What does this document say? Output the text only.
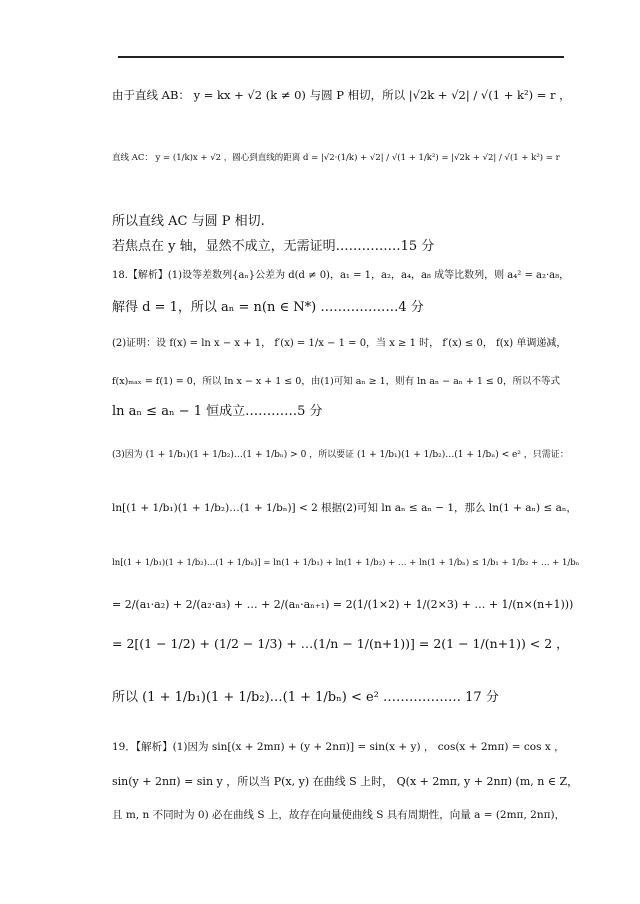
由于直线 AB： y = kx + √2 (k ≠ 0) 与圆 P 相切，所以 |√2k + √2| / √(1 + k²) = r ，
直线 AC： y = (1/k)x + √2 ，圆心到直线的距离 d = |√2·(1/k) + √2| / √(1 + 1/k²) = |√2k + √2| / √(1 + k²) = r
所以直线 AC 与圆 P 相切.
若焦点在 y 轴，显然不成立，无需证明……………15 分
18.【解析】(1)设等差数列{aₙ}公差为 d(d ≠ 0)，a₁ = 1，a₂，a₄，a₈ 成等比数列，则 a₄² = a₂·a₈，
解得 d = 1，所以 aₙ = n(n ∈ N*) ………………4 分
(2)证明：设 f(x) = ln x − x + 1， f′(x) = 1/x − 1 = 0，当 x ≥ 1 时， f′(x) ≤ 0， f(x) 单调递减，
f(x)ₘₐₓ = f(1) = 0，所以 ln x − x + 1 ≤ 0，由(1)可知 aₙ ≥ 1，则有 ln aₙ − aₙ + 1 ≤ 0，所以不等式
ln aₙ ≤ aₙ − 1 恒成立…………5 分
(3)因为 (1 + 1/b₁)(1 + 1/b₂)…(1 + 1/bₙ) > 0 ，所以要证 (1 + 1/b₁)(1 + 1/b₂)…(1 + 1/bₙ) < e² ，只需证：
ln[(1 + 1/b₁)(1 + 1/b₂)…(1 + 1/bₙ)] < 2 根据(2)可知 ln aₙ ≤ aₙ − 1，那么 ln(1 + aₙ) ≤ aₙ，
ln[(1 + 1/b₁)(1 + 1/b₂)…(1 + 1/bₙ)] = ln(1 + 1/b₁) + ln(1 + 1/b₂) + … + ln(1 + 1/bₙ) ≤ 1/b₁ + 1/b₂ + … + 1/bₙ
= 2/(a₁·a₂) + 2/(a₂·a₃) + … + 2/(aₙ·aₙ₊₁) = 2(1/(1×2) + 1/(2×3) + … + 1/(n×(n+1)))
= 2[(1 − 1/2) + (1/2 − 1/3) + …(1/n − 1/(n+1))] = 2(1 − 1/(n+1)) < 2 ，
所以 (1 + 1/b₁)(1 + 1/b₂)…(1 + 1/bₙ) < e² ……………… 17 分
19．【解析】(1)因为 sin[(x + 2mπ) + (y + 2nπ)] = sin(x + y) ， cos(x + 2mπ) = cos x ，
sin(y + 2nπ) = sin y ，所以当 P(x, y) 在曲线 S 上时， Q(x + 2mπ, y + 2nπ) (m, n ∈ Z，
且 m, n 不同时为 0) 必在曲线 S 上，故存在向量使曲线 S 具有周期性，向量 a = (2mπ, 2nπ)，
